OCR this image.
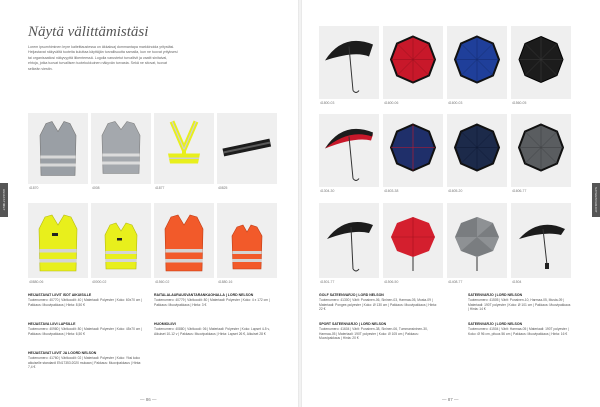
HEIJASTIMET
Näytä välittämistäsi

Lorem ipsumhiminen leyre kaiteittaustessa on äkkaksaj dommantapa markkinoida yritystäsi. Heijastavat näkyvältä tuoteita kuluttaa käyttäjän turvallisuutta samalla, kun ne tuovat yrityksesi tai organisaatiosi näkyvyyttä liikenteessä. Logolla varustetut turvaliivit ja vaatit sinitaival, ehtoja, jotka tuovat turvallisen tuotekukkuinen näkyvän turvasta. Sekä ne sitovat, tuovat selkeän viestin.

41870	4008	41877	40825
40880-06	40000-02	41560-02	41880-16
HEIJASTAVAT LIIVIT ISOT AIKUISILLE
Tuotenumero: 40770 | Värikoodit: 40 | Materiaali: Polyester | Koko: 60x70 cm | Pakkaus: Muovipakkaus | Hinta: 8,50 €
HEIJASTAVA LIIVI LAPSILLE
Tuotenumero: 40980 | Värikoodit: 80 | Materiaali: Polyester | Koko: 45x70 cm | Pakkaus: Muovipakkaus | Hinta: 6,50 €
HEIJASTAVAT LIIVIT JA LOORD NELSON
Tuotenumero: 41760 | Värikoodit: 02 | Materiaali: Polyester | Koko: Yksi koko aikuiselle standardi EN17353:2020 mukaan | Pakkaus: Muovipakkaus | Hinta: 7,4 €
RAITALALAURAUSVANTARANKAOHALLA | LORD NELSON
Tuotenumero: 40779 | Värikoodit: 80 | Materiaali: Polyester | Koko: 4 x 172 cm | Pakkaus: Muovipakkaus | Hinta: 3 €
HUOMIOLIIVI
Tuotenumero: 40880 | Värikoodi: 06 | Materiaali: Polyester | Koko: Lapset 4-5 v, Aikuiset 10-12 v | Pakkaus: Muovipakkaus | Hinta: Lapset 26 €, Aikuiset 28 €
— 86 —
SATEENVARJOT
41800-03	41600-06	41600-03	41560-05
41304-30	41603-38	41605-20	41606-77
41501-77	41506-50	41408-77	41504
GOLF SATEENVARJO | LORD NELSON
Tuotenumero: 41300 | Värit: Punainen-06, Sininen-03, Harmaa-05, Musta-09 | Materiaali: Pongee-polyester | Koko: Ø 130 cm | Pakkaus: Muovipakkaus | Hinta: 22 €
SPORT SATEENVARJO | LORD NELSON
Tuotenumero: 41604 | Värit: Punainen-38, Sininen-06, Tummansininen-30, Harmaa-05 | Materiaali: 190T polyester | Koko: Ø 105 cm | Pakkaus: Muovipakkaus | Hinta: 20 €
SATEENVARJO | LORD NELSON
Tuotenumero: 41505 | Värit: Punainen-10, Harmaa-05, Musta-09 | Materiaali: 190T polyester | Koko: Ø 101 cm | Pakkaus: Muovipakkaus | Hinta: 14 €
SATEENVARJO | LORD NELSON
Tuotenumero: 41504 | Värit: Harmaa-05 | Materiaali: 190T polyester | Koko: Ø 96 cm, pituus 56 cm | Pakkaus: Muovipakkaus | Hinta: 16 €
— 87 —
